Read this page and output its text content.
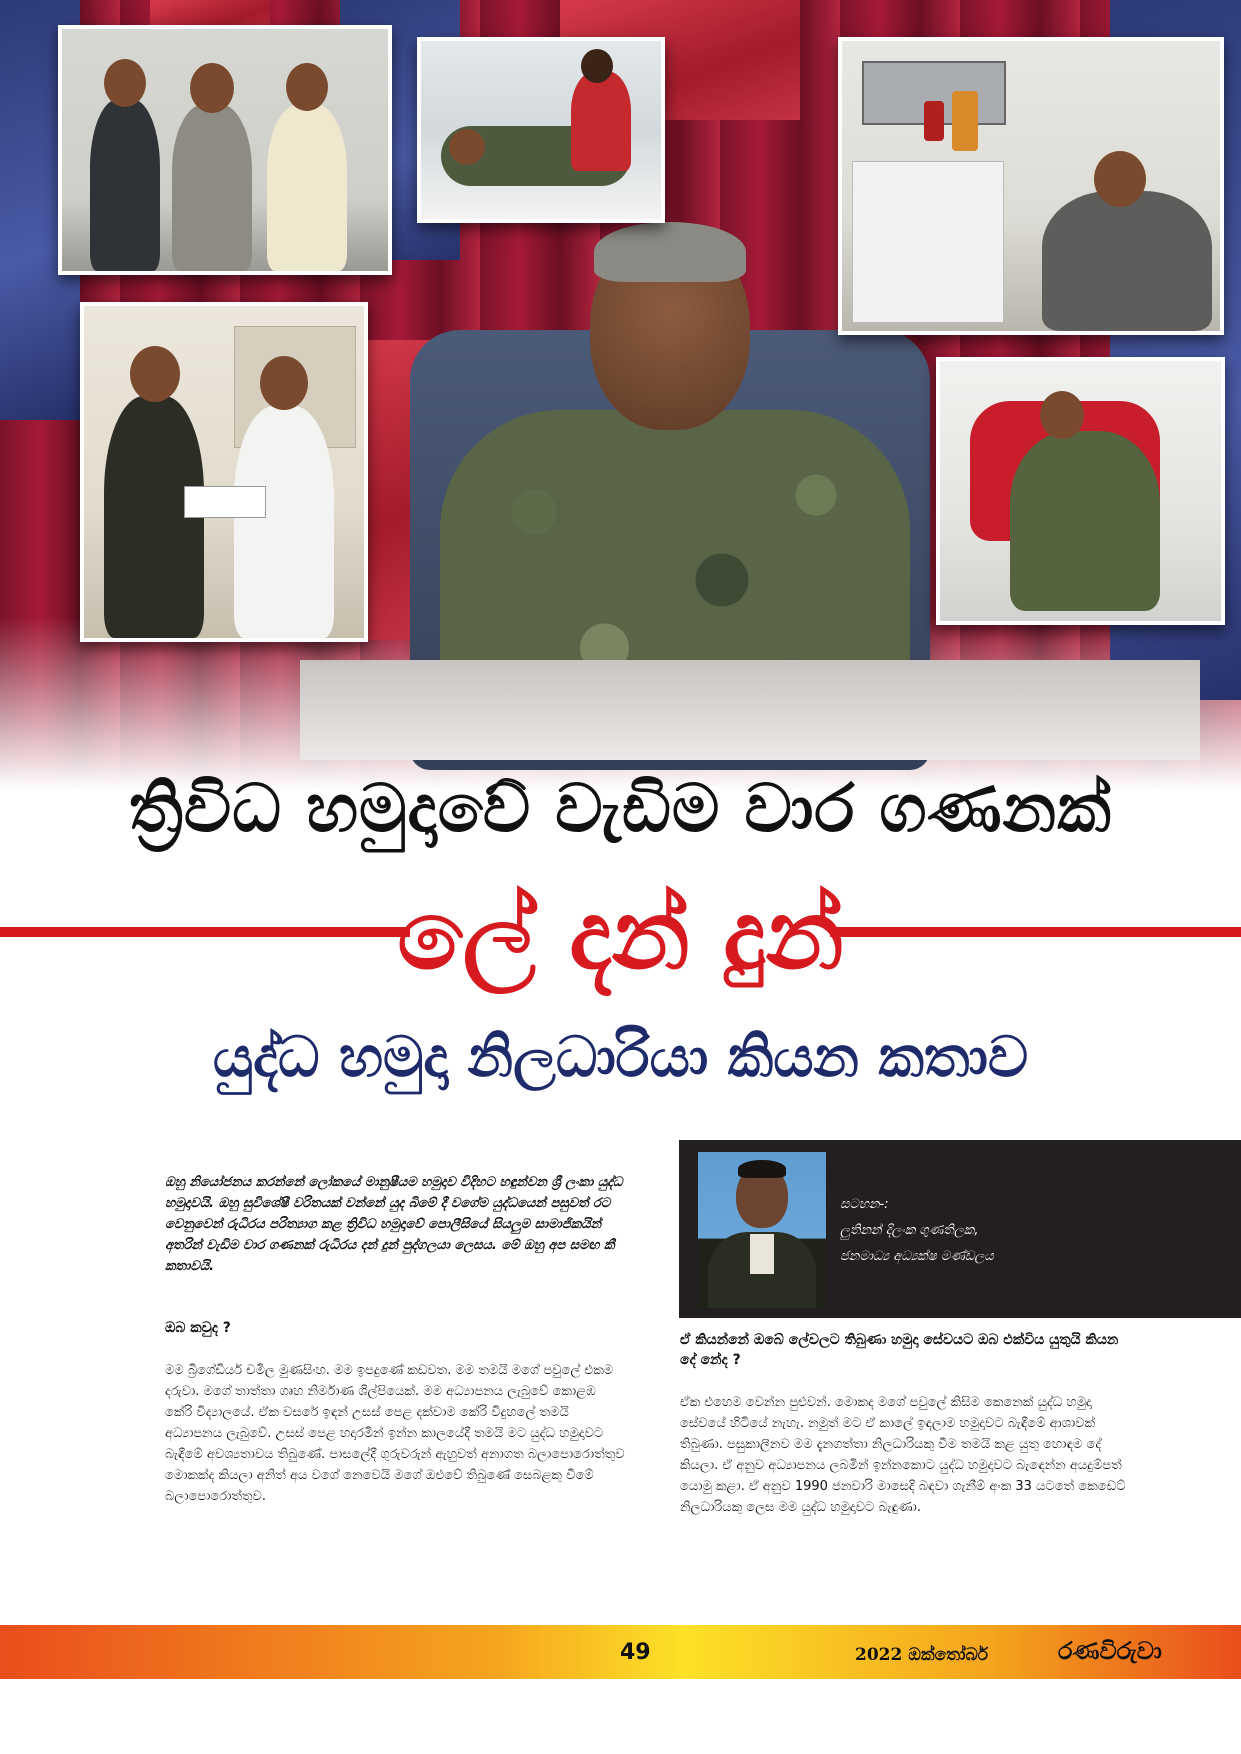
ත්‍රිවිධ හමුදාවේ වැඩිම වාර ගණනක්
ලේ දන් දුන්
යුද්ධ හමුදා නිලධාරියා කියන කතාව
ඔහු නියෝජනය කරන්නේ ලෝකයේ මානුෂීයම හමුදාව විදිහට හඳුන්වන ශ්‍රී ලංකා යුද්ධ හමුදාවයි. ඔහු සුවිශේෂී වරිතයක් වන්නේ යුද බිමේ දී වගේම යුද්ධයෙන් පසුවත් රට වෙනුවෙන් රුධිරය පරිත්‍යාග කළ ත්‍රිවිධ හමුදාවේ පොලීසියේ සියලුම සාමාජිකයින් අතරින් වැඩිම වාර ගණනක් රුධිරය දන් දුන් පුද්ගලයා ලෙසය. මේ ඔහු අප සමඟ කී කතාවයි.
ඔබ කවුද ?
මම බ්‍රිගේඩියර් චමිල මුණසිංහ. මම ඉපදුණේ කඩවත. මම තමයි මගේ පවුලේ එකම දරුවා. මගේ තාත්තා ගෘහ නිර්මාණ ශිල්පියෙක්. මම අධ්‍යාපනය ලැබුවේ කොළඹ කේරි විද්‍යාලයේ. ඒක වසරේ ඉඳන් උසස් පෙළ දක්වාම කේරි විදුහලේ තමයි අධ්‍යාපනය ලැබුවේ. උසස් පෙළ හදාරමින් ඉන්න කාලයේදී තමයි මට යුද්ධ හමුදාවට බැඳීමේ අවශ්‍යතාවය තිබුණේ. පාසලේදී ගුරුවරුන් ඇහුවත් අනාගත බලාපොරොත්තුව මොකක්ද කියලා අනිත් අය වගේ නෙවෙයි මගේ ඔළුවේ තිබුණේ සෙබළකු වීමේ බලාපොරොත්තුව.
සටහන-:
ලුතිනන් දිලංක ගුණතිලක,
ජනමාධ්‍ය අධ්‍යක්ෂ මණ්ඩලය
ඒ කියන්නේ ඔබේ ලේවලට තිබුණා හමුදා සේවයට ඔබ එක්විය යුතුයි කියන දේ නේද ?
ඒක එහෙම වෙන්න පුළුවන්. මොකද මගේ පවුලේ කිසිම කෙනෙක් යුද්ධ හමුදා සේවයේ හිටියේ නැහැ. නමුත් මට ඒ කාලේ ඉඳලාම හමුදාවට බැඳීමේ ආශාවක් තිබුණා. පසුකාලීනව මම දැනගත්තා නිලධාරියකු වීම තමයි කළ යුතු හොඳම දේ කියලා. ඒ අනුව අධ්‍යාපනය ලබමින් ඉන්නකොට යුද්ධ හමුදාවට බැඳෙන්න අයදුම්පත් යොමු කළා. ඒ අනුව 1990 ජනවාරි මාසෙදි බඳවා ගැනීම් අංක 33 යටතේ කෙඩෙට් නිලධාරියකු ලෙස මම යුද්ධ හමුදාවට බැඳුණා.
49	2022 ඔක්තෝබර්	රණවිරුවා
